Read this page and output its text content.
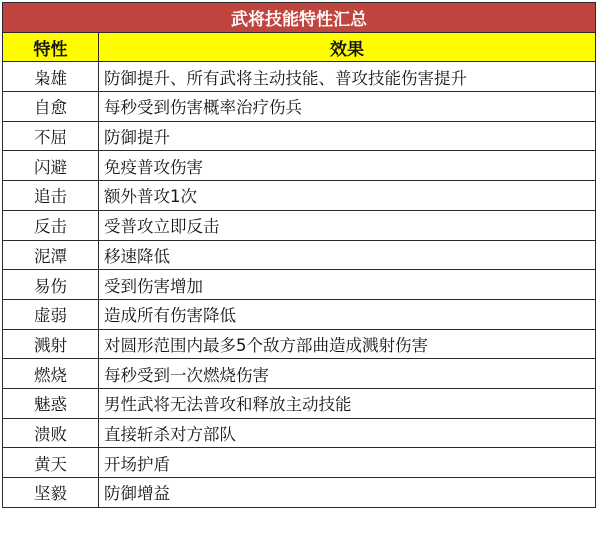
武将技能特性汇总	
特性	效果
枭雄	防御提升、所有武将主动技能、普攻技能伤害提升
自愈	每秒受到伤害概率治疗伤兵
不屈	防御提升
闪避	免疫普攻伤害
追击	额外普攻1次
反击	受普攻立即反击
泥潭	移速降低
易伤	受到伤害增加
虚弱	造成所有伤害降低
溅射	对圆形范围内最多5个敌方部曲造成溅射伤害
燃烧	每秒受到一次燃烧伤害
魅惑	男性武将无法普攻和释放主动技能
溃败	直接斩杀对方部队
黄天	开场护盾
坚毅	防御增益
